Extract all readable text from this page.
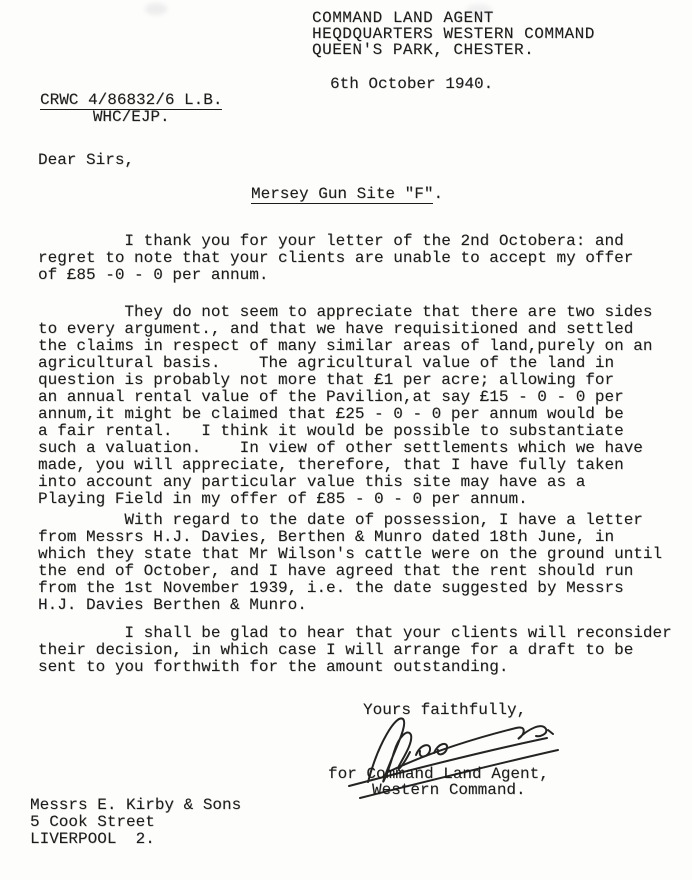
COMMAND LAND AGENT
HEQDQUARTERS WESTERN COMMAND
QUEEN'S PARK, CHESTER.
6th October 1940.
CRWC 4/86832/6 L.B.
WHC/EJP.
Dear Sirs,
Mersey Gun Site "F".
I thank you for your letter of the 2nd Octobera: and
regret to note that your clients are unable to accept my offer
of £85 -0 - 0 per annum.
They do not seem to appreciate that there are two sides
to every argument., and that we have requisitioned and settled
the claims in respect of many similar areas of land,purely on an
agricultural basis.    The agricultural value of the land in
question is probably not more that £1 per acre; allowing for
an annual rental value of the Pavilion,at say £15 - 0 - 0 per
annum,it might be claimed that £25 - 0 - 0 per annum would be
a fair rental.   I think it would be possible to substantiate
such a valuation.    In view of other settlements which we have
made, you will appreciate, therefore, that I have fully taken
into account any particular value this site may have as a
Playing Field in my offer of £85 - 0 - 0 per annum.
With regard to the date of possession, I have a letter
from Messrs H.J. Davies, Berthen & Munro dated 18th June, in
which they state that Mr Wilson's cattle were on the ground until
the end of October, and I have agreed that the rent should run
from the 1st November 1939, i.e. the date suggested by Messrs
H.J. Davies Berthen & Munro.
I shall be glad to hear that your clients will reconsider
their decision, in which case I will arrange for a draft to be
sent to you forthwith for the amount outstanding.
Yours faithfully,
for Command Land Agent,
Western Command.
Messrs E. Kirby & Sons
5 Cook Street
LIVERPOOL  2.
